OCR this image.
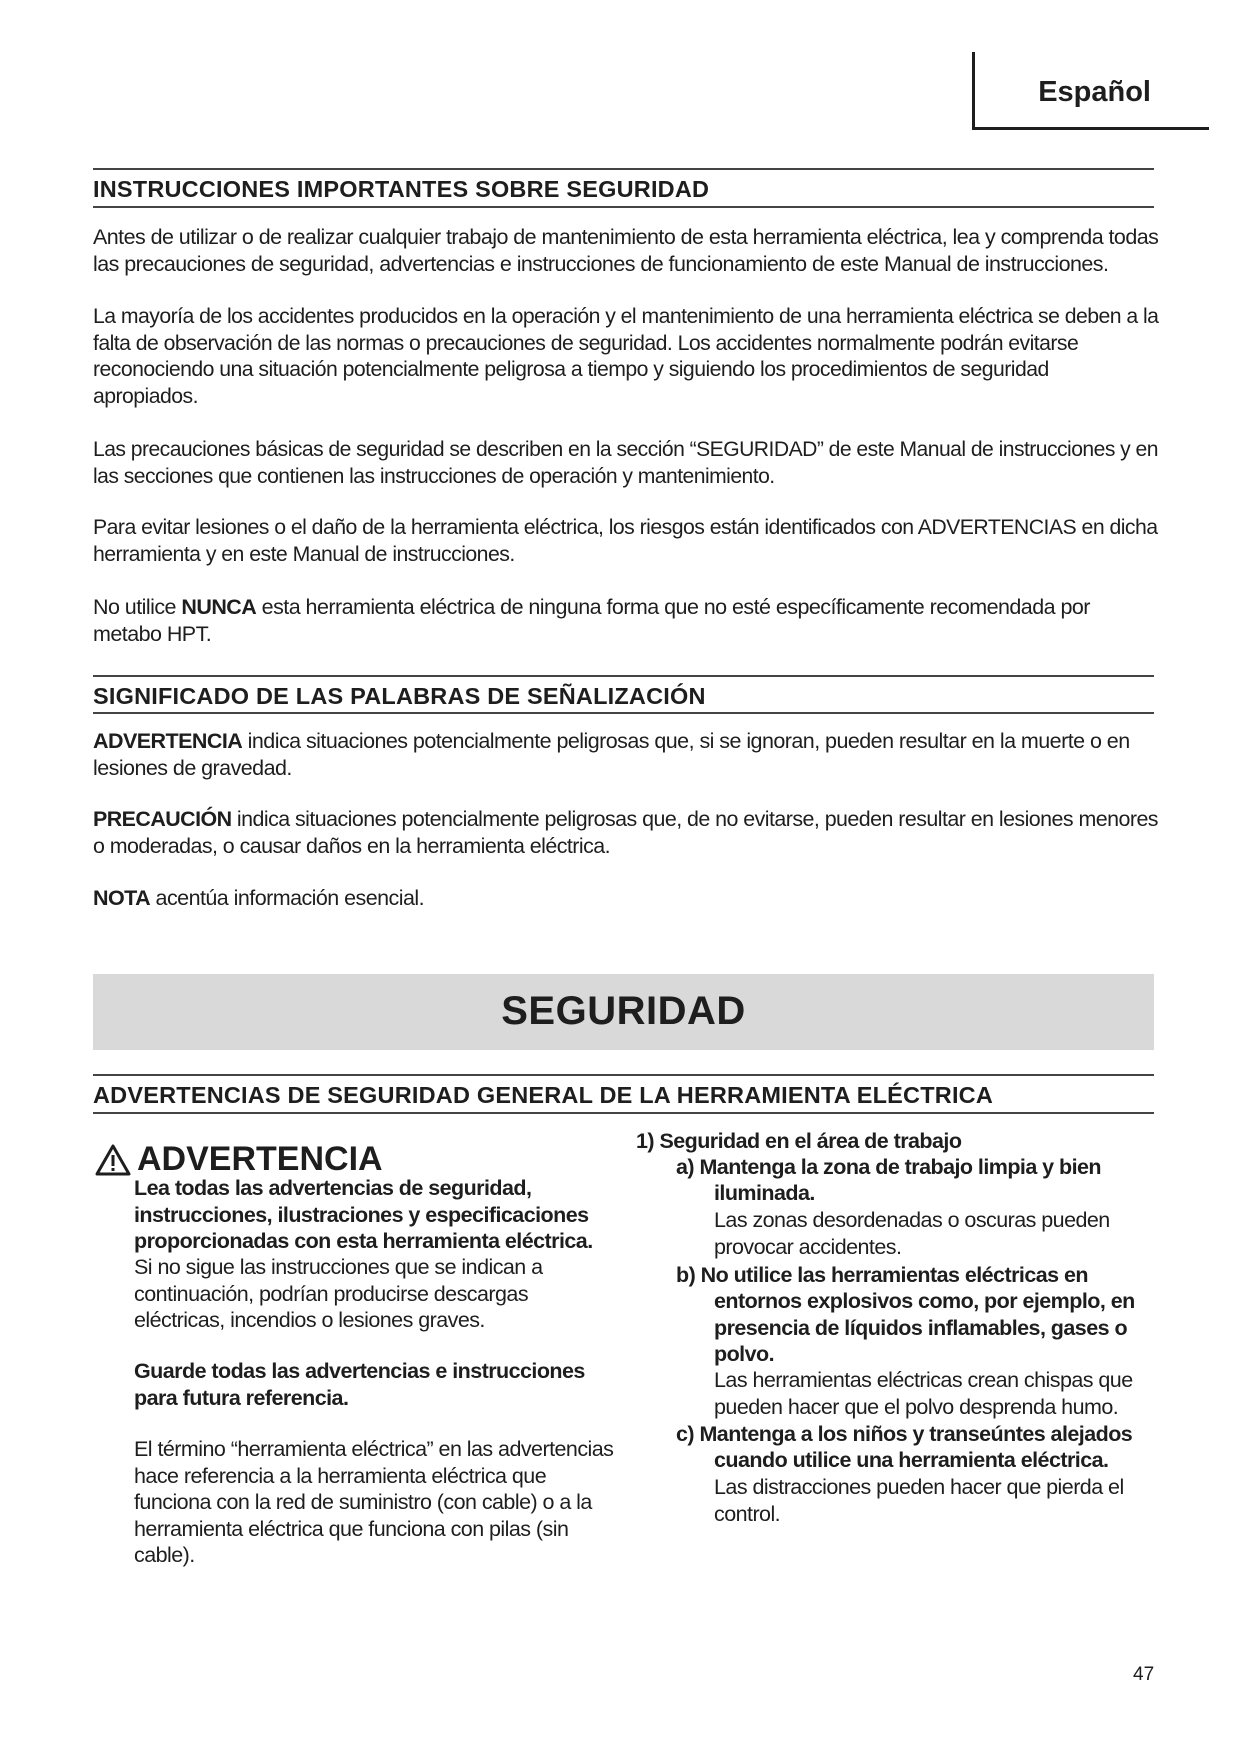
Español
INSTRUCCIONES IMPORTANTES SOBRE SEGURIDAD
Antes de utilizar o de realizar cualquier trabajo de mantenimiento de esta herramienta eléctrica, lea y comprenda todas
las precauciones de seguridad, advertencias e instrucciones de funcionamiento de este Manual de instrucciones.
La mayoría de los accidentes producidos en la operación y el mantenimiento de una herramienta eléctrica se deben a la
falta de observación de las normas o precauciones de seguridad. Los accidentes normalmente podrán evitarse
reconociendo una situación potencialmente peligrosa a tiempo y siguiendo los procedimientos de seguridad
apropiados.
Las precauciones básicas de seguridad se describen en la sección “SEGURIDAD” de este Manual de instrucciones y en
las secciones que contienen las instrucciones de operación y mantenimiento.
Para evitar lesiones o el daño de la herramienta eléctrica, los riesgos están identificados con ADVERTENCIAS en dicha
herramienta y en este Manual de instrucciones.
No utilice NUNCA esta herramienta eléctrica de ninguna forma que no esté específicamente recomendada por
metabo HPT.
SIGNIFICADO DE LAS PALABRAS DE SEÑALIZACIÓN
ADVERTENCIA indica situaciones potencialmente peligrosas que, si se ignoran, pueden resultar en la muerte o en
lesiones de gravedad.
PRECAUCIÓN indica situaciones potencialmente peligrosas que, de no evitarse, pueden resultar en lesiones menores
o moderadas, o causar daños en la herramienta eléctrica.
NOTA acentúa información esencial.
SEGURIDAD
ADVERTENCIAS DE SEGURIDAD GENERAL DE LA HERRAMIENTA ELÉCTRICA
ADVERTENCIA
Lea todas las advertencias de seguridad,
instrucciones, ilustraciones y especificaciones
proporcionadas con esta herramienta eléctrica.
Si no sigue las instrucciones que se indican a
continuación, podrían producirse descargas
eléctricas, incendios o lesiones graves.
Guarde todas las advertencias e instrucciones
para futura referencia.
El término “herramienta eléctrica” en las advertencias
hace referencia a la herramienta eléctrica que
funciona con la red de suministro (con cable) o a la
herramienta eléctrica que funciona con pilas (sin
cable).
1) Seguridad en el área de trabajo
a) Mantenga la zona de trabajo limpia y bien
iluminada.
Las zonas desordenadas o oscuras pueden
provocar accidentes.
b) No utilice las herramientas eléctricas en
entornos explosivos como, por ejemplo, en
presencia de líquidos inflamables, gases o
polvo.
Las herramientas eléctricas crean chispas que
pueden hacer que el polvo desprenda humo.
c) Mantenga a los niños y transeúntes alejados
cuando utilice una herramienta eléctrica.
Las distracciones pueden hacer que pierda el
control.
47
